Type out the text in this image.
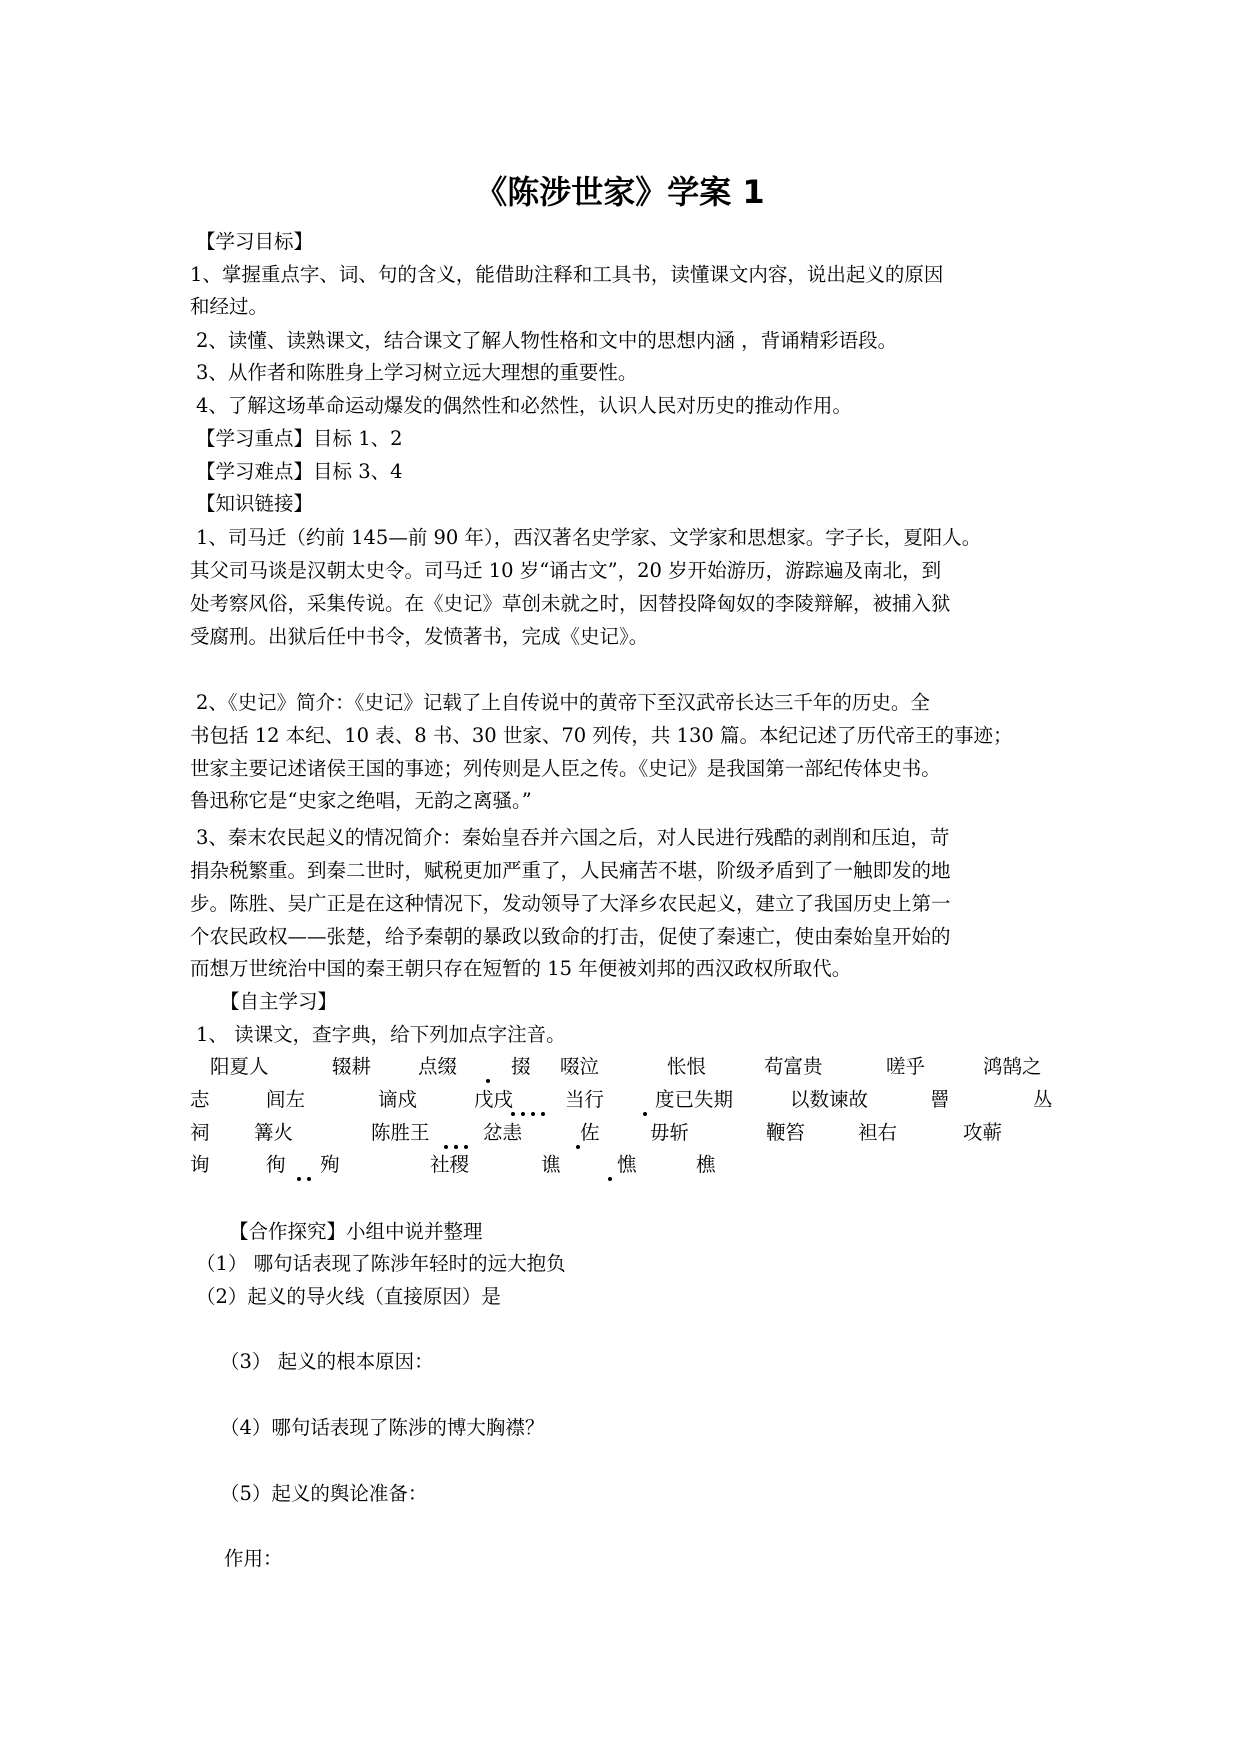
《陈涉世家》学案 1
【学习目标】
1、掌握重点字、词、句的含义，能借助注释和工具书，读懂课文内容，说出起义的原因
和经过。
2、读懂、读熟课文，结合课文了解人物性格和文中的思想内涵 ，背诵精彩语段。
3、从作者和陈胜身上学习树立远大理想的重要性。
4、了解这场革命运动爆发的偶然性和必然性，认识人民对历史的推动作用。
【学习重点】目标 1、2
【学习难点】目标 3、4
【知识链接】
1、司马迁（约前 145—前 90 年），西汉著名史学家、文学家和思想家。字子长，夏阳人。
其父司马谈是汉朝太史令。司马迁 10 岁“诵古文”，20 岁开始游历，游踪遍及南北，到
处考察风俗，采集传说。在《史记》草创未就之时，因替投降匈奴的李陵辩解，被捕入狱
受腐刑。出狱后任中书令，发愤著书，完成《史记》。
2、《史记》简介：《史记》记载了上自传说中的黄帝下至汉武帝长达三千年的历史。全
书包括 12 本纪、10 表、8 书、30 世家、70 列传，共 130 篇。本纪记述了历代帝王的事迹；
世家主要记述诸侯王国的事迹；列传则是人臣之传。《史记》是我国第一部纪传体史书。
鲁迅称它是“史家之绝唱，无韵之离骚。”
3、秦末农民起义的情况简介：秦始皇吞并六国之后，对人民进行残酷的剥削和压迫，苛
捐杂税繁重。到秦二世时，赋税更加严重了，人民痛苦不堪，阶级矛盾到了一触即发的地
步。陈胜、吴广正是在这种情况下，发动领导了大泽乡农民起义，建立了我国历史上第一
个农民政权——张楚，给予秦朝的暴政以致命的打击，促使了秦速亡，使由秦始皇开始的
而想万世统治中国的秦王朝只存在短暂的 15 年便被刘邦的西汉政权所取代。
【自主学习】
1、 读课文，查字典，给下列加点字注音。
阳夏人	辍耕 点缀	掇 啜泣	怅恨	苟富贵	嗟乎	鸿鹄之
志	闾左	谪戍	戊戌	当行	度已失期	以数谏故	罾	丛
祠 篝火	陈胜王	忿恚	佐	毋斩	鞭笞	袒右	攻蕲
询	徇 殉	社稷	谯	憔	樵
【合作探究】小组中说并整理
（1） 哪句话表现了陈涉年轻时的远大抱负
（2）起义的导火线（直接原因）是
（3） 起义的根本原因：
（4）哪句话表现了陈涉的博大胸襟？
（5）起义的舆论准备：
作用：
